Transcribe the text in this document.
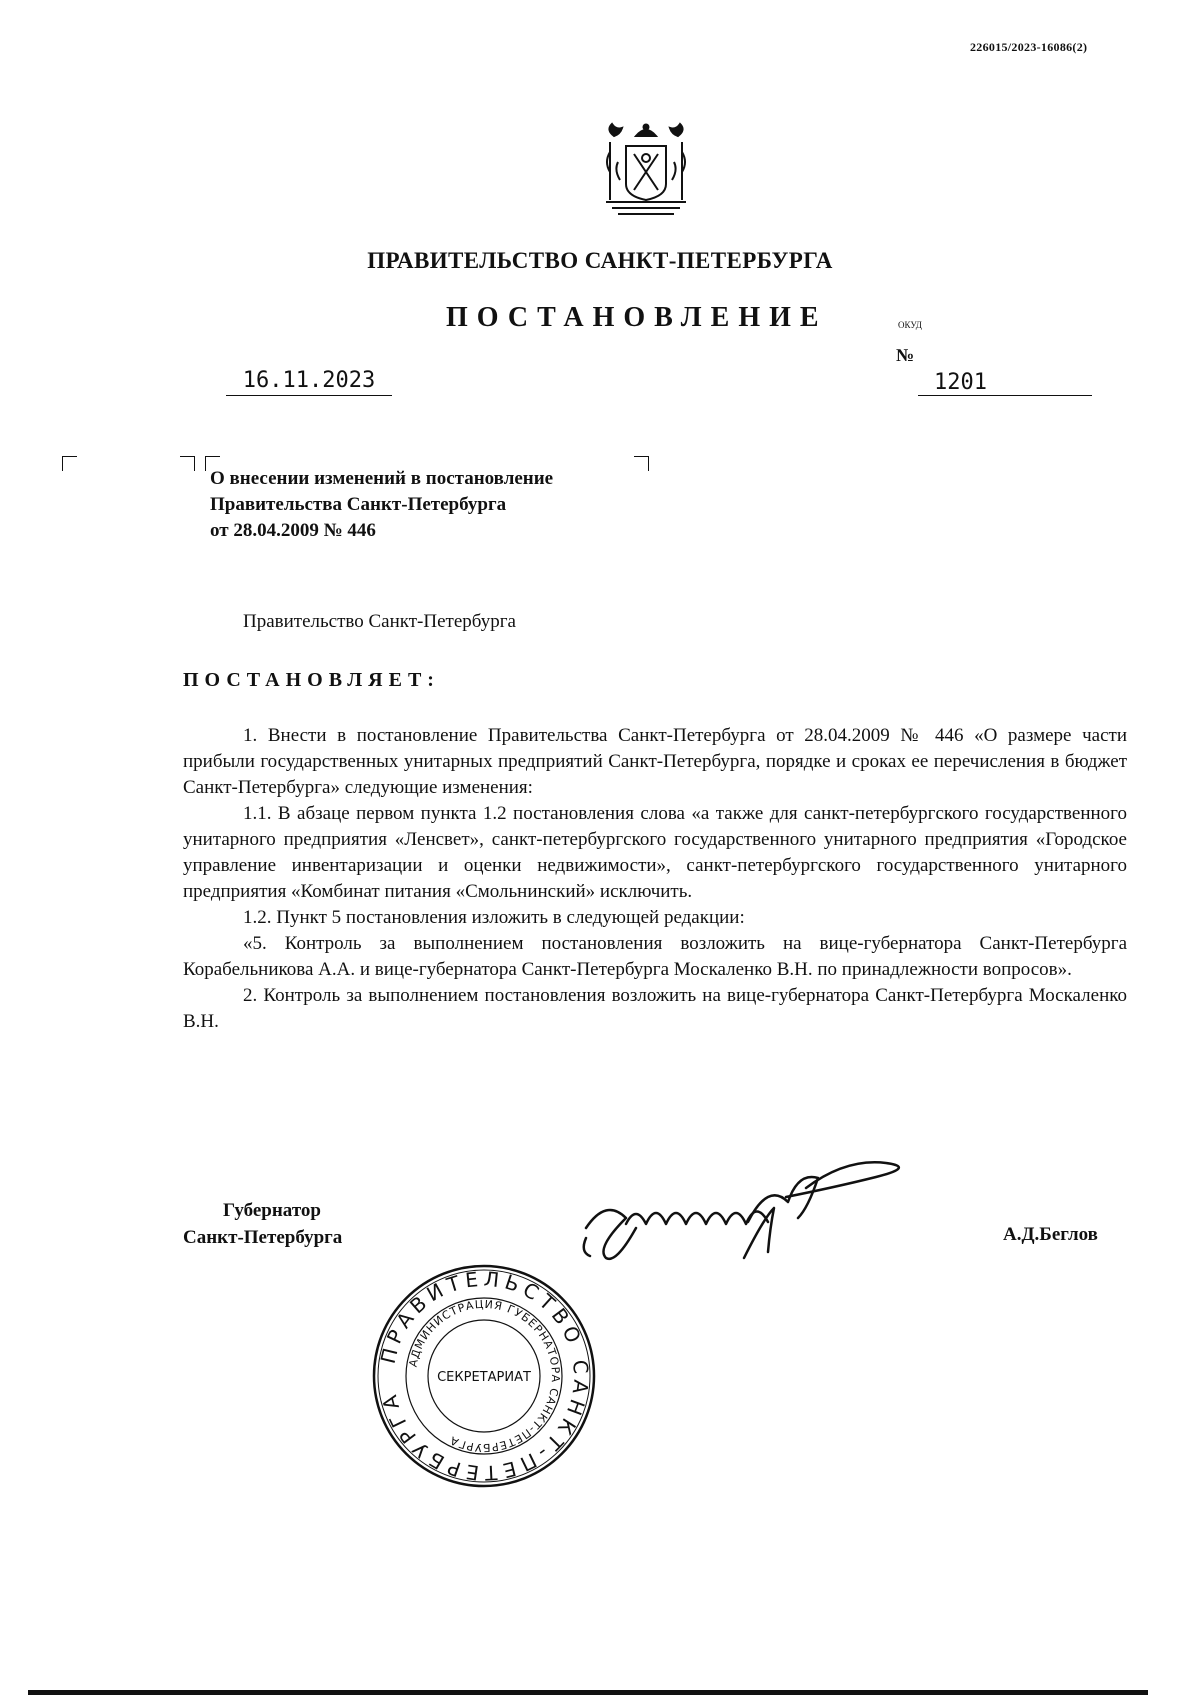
226015/2023-16086(2)
ПРАВИТЕЛЬСТВО САНКТ-ПЕТЕРБУРГА
ПОСТАНОВЛЕНИЕ	ОКУД
16.11.2023
№
1201
О внесении изменений в постановление
Правительства Санкт-Петербурга
от 28.04.2009 № 446
Правительство Санкт-Петербурга
ПОСТАНОВЛЯЕТ:

1. Внести в постановление Правительства Санкт-Петербурга от 28.04.2009 № 446 «О размере части прибыли государственных унитарных предприятий Санкт-Петербурга, порядке и сроках ее перечисления в бюджет Санкт-Петербурга» следующие изменения:

1.1. В абзаце первом пункта 1.2 постановления слова «а также для санкт-петербургского государственного унитарного предприятия «Ленсвет», санкт-петербургского государственного унитарного предприятия «Городское управление инвентаризации и оценки недвижимости», санкт-петербургского государственного унитарного предприятия «Комбинат питания «Смольнинский» исключить.

1.2. Пункт 5 постановления изложить в следующей редакции:

«5. Контроль за выполнением постановления возложить на вице-губернатора Санкт-Петербурга Корабельникова А.А. и вице-губернатора Санкт-Петербурга Москаленко В.Н. по принадлежности вопросов».

2. Контроль за выполнением постановления возложить на вице-губернатора Санкт-Петербурга Москаленко В.Н.

Губернатор
Санкт-Петербурга	А.Д.Беглов
ПРАВИТЕЛЬСТВО САНКТ-ПЕТЕРБУРГА
АДМИНИСТРАЦИЯ ГУБЕРНАТОРА САНКТ-ПЕТЕРБУРГА
СЕКРЕТАРИАТ
